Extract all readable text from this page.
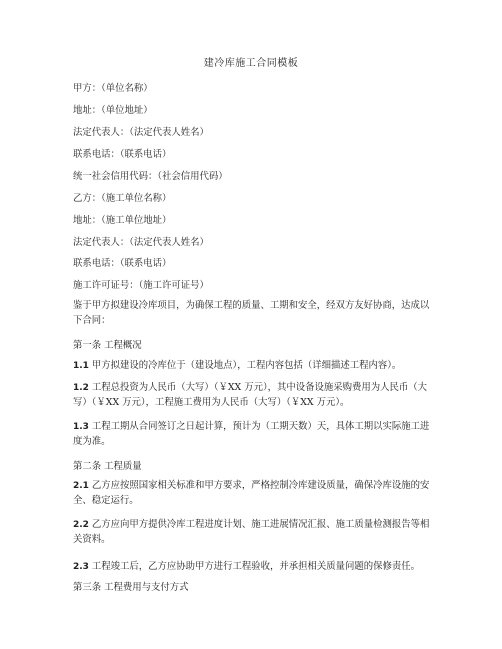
建冷库施工合同模板
甲方：（单位名称）
地址：（单位地址）
法定代表人：（法定代表人姓名）
联系电话：（联系电话）
统一社会信用代码：（社会信用代码）
乙方：（施工单位名称）
地址：（施工单位地址）
法定代表人：（法定代表人姓名）
联系电话：（联系电话）
施工许可证号：（施工许可证号）
鉴于甲方拟建设冷库项目，为确保工程的质量、工期和安全，经双方友好协商，达成以下合同：
第一条 工程概况
1.1 甲方拟建设的冷库位于（建设地点），工程内容包括（详细描述工程内容）。
1.2 工程总投资为人民币（大写）（￥XX 万元），其中设备设施采购费用为人民币（大写）（￥XX 万元），工程施工费用为人民币（大写）（￥XX 万元）。
1.3 工程工期从合同签订之日起计算，预计为（工期天数）天，具体工期以实际施工进度为准。
第二条 工程质量
2.1 乙方应按照国家相关标准和甲方要求，严格控制冷库建设质量，确保冷库设施的安全、稳定运行。
2.2 乙方应向甲方提供冷库工程进度计划、施工进展情况汇报、施工质量检测报告等相关资料。
2.3 工程竣工后，乙方应协助甲方进行工程验收，并承担相关质量问题的保修责任。
第三条 工程费用与支付方式
